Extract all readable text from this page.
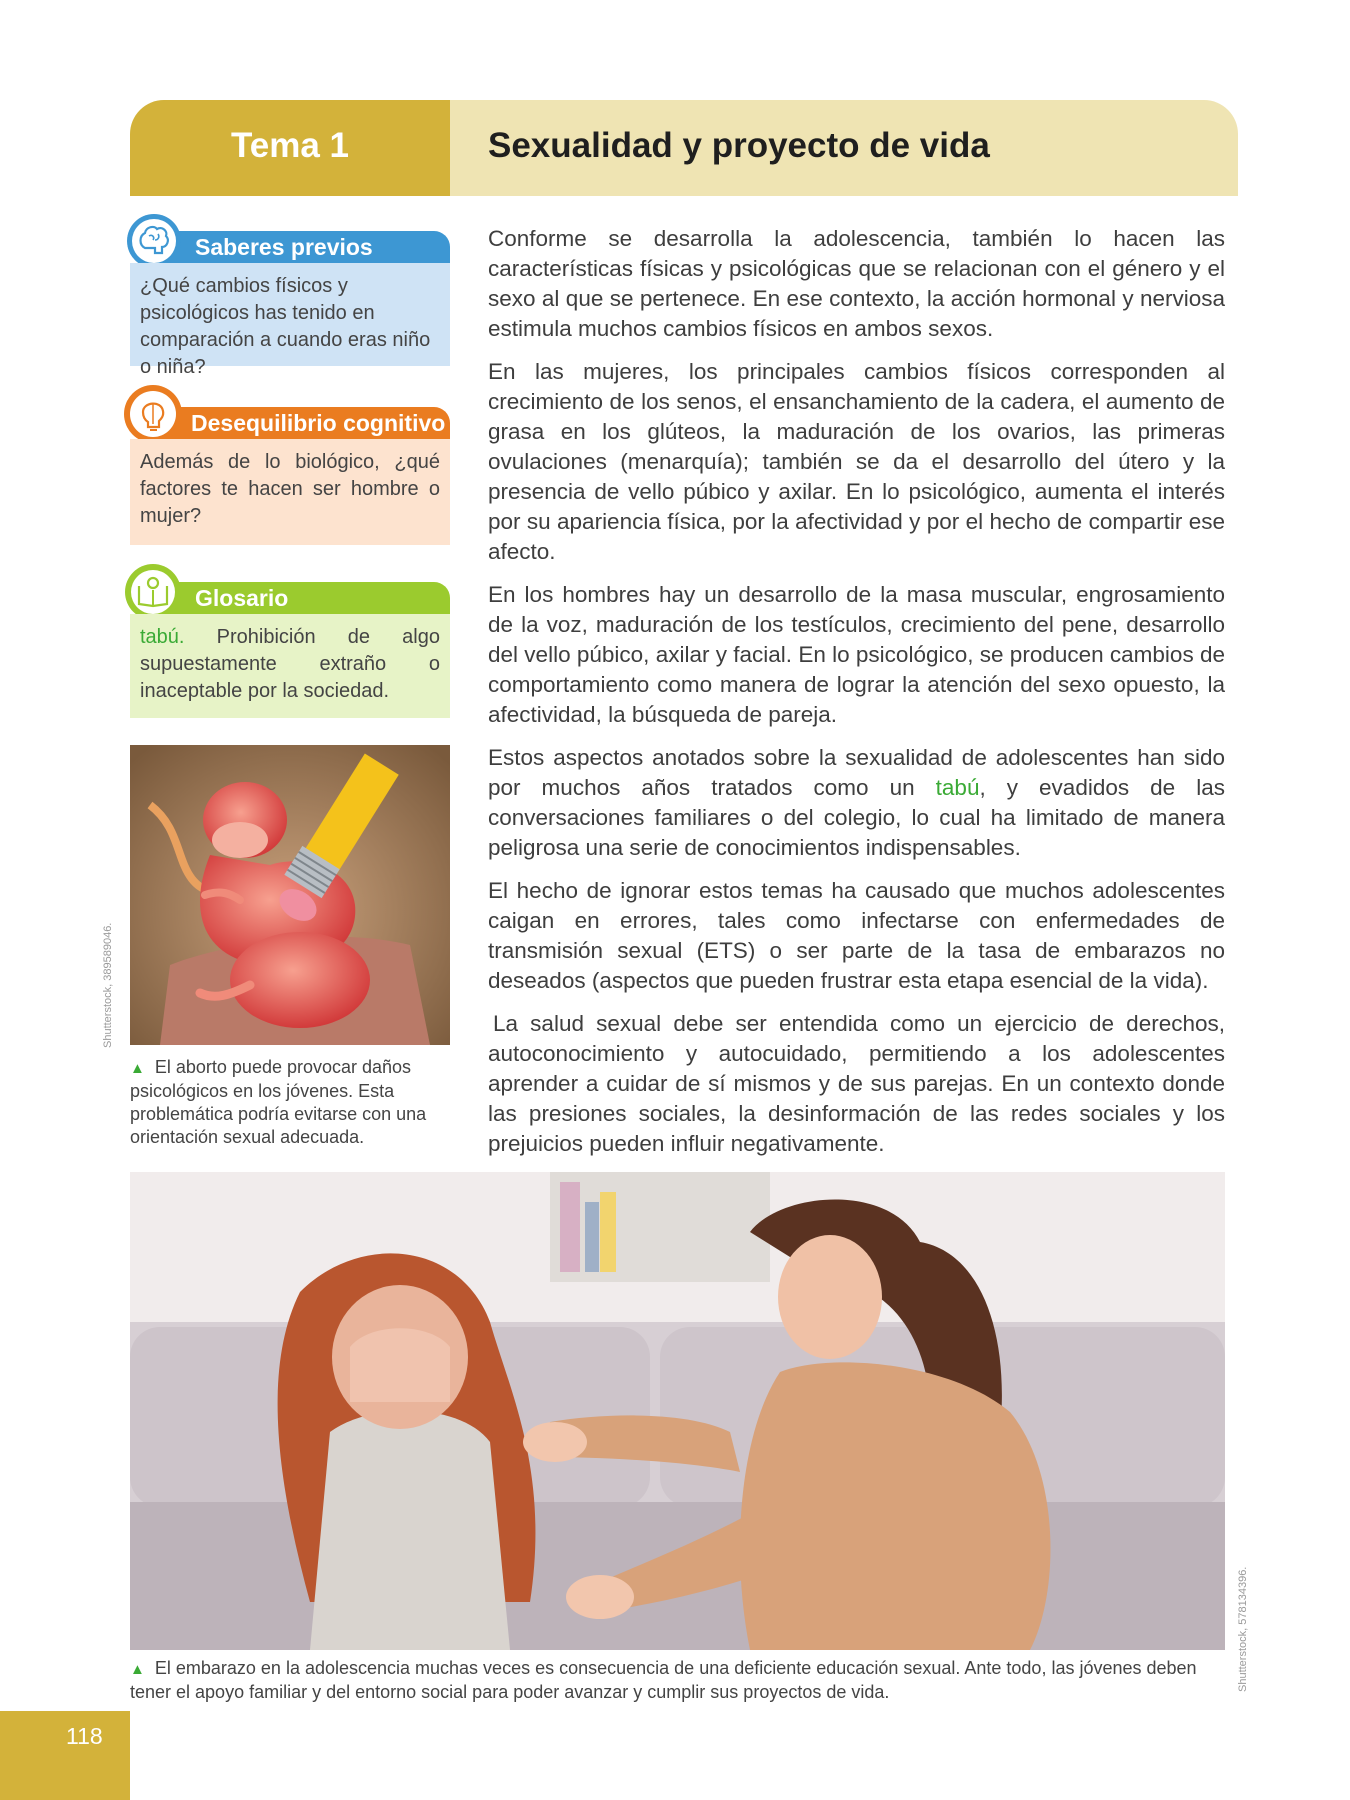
Tema 1	Sexualidad y proyecto de vida
Saberes previos
¿Qué cambios físicos y psicológicos has tenido en comparación a cuando eras niño o niña?
Desequilibrio cognitivo
Además de lo biológico, ¿qué factores te hacen ser hombre o mujer?
Glosario
tabú. Prohibición de algo supuestamente extraño o inaceptable por la sociedad.
Shutterstock, 389589046.
▲ El aborto puede provocar daños psicológicos en los jóvenes. Esta problemática podría evitarse con una orientación sexual adecuada.

Conforme se desarrolla la adolescencia, también lo hacen las características físicas y psicológicas que se relacionan con el género y el sexo al que se pertenece. En ese contexto, la acción hormonal y nerviosa estimula muchos cambios físicos en ambos sexos.

En las mujeres, los principales cambios físicos corresponden al crecimiento de los senos, el ensanchamiento de la cadera, el aumento de grasa en los glúteos, la maduración de los ovarios, las primeras ovulaciones (menarquía); también se da el desarrollo del útero y la presencia de vello púbico y axilar. En lo psicológico, aumenta el interés por su apariencia física, por la afectividad y por el hecho de compartir ese afecto.

En los hombres hay un desarrollo de la masa muscular, engrosamiento de la voz, maduración de los testículos, crecimiento del pene, desarrollo del vello púbico, axilar y facial. En lo psicológico, se producen cambios de comportamiento como manera de lograr la atención del sexo opuesto, la afectividad, la búsqueda de pareja.

Estos aspectos anotados sobre la sexualidad de adolescentes han sido por muchos años tratados como un tabú, y evadidos de las conversaciones familiares o del colegio, lo cual ha limitado de manera peligrosa una serie de conocimientos indispensables.

El hecho de ignorar estos temas ha causado que muchos adolescentes caigan en errores, tales como infectarse con enfermedades de transmisión sexual (ETS) o ser parte de la tasa de embarazos no deseados (aspectos que pueden frustrar esta etapa esencial de la vida).

La salud sexual debe ser entendida como un ejercicio de derechos, autoconocimiento y autocuidado, permitiendo a los adolescentes aprender a cuidar de sí mismos y de sus parejas. En un contexto donde las presiones sociales, la desinformación de las redes sociales y los prejuicios pueden influir negativamente.

Shutterstock, 578134396.
▲ El embarazo en la adolescencia muchas veces es consecuencia de una deficiente educación sexual. Ante todo, las jóvenes deben tener el apoyo familiar y del entorno social para poder avanzar y cumplir sus proyectos de vida.
118
